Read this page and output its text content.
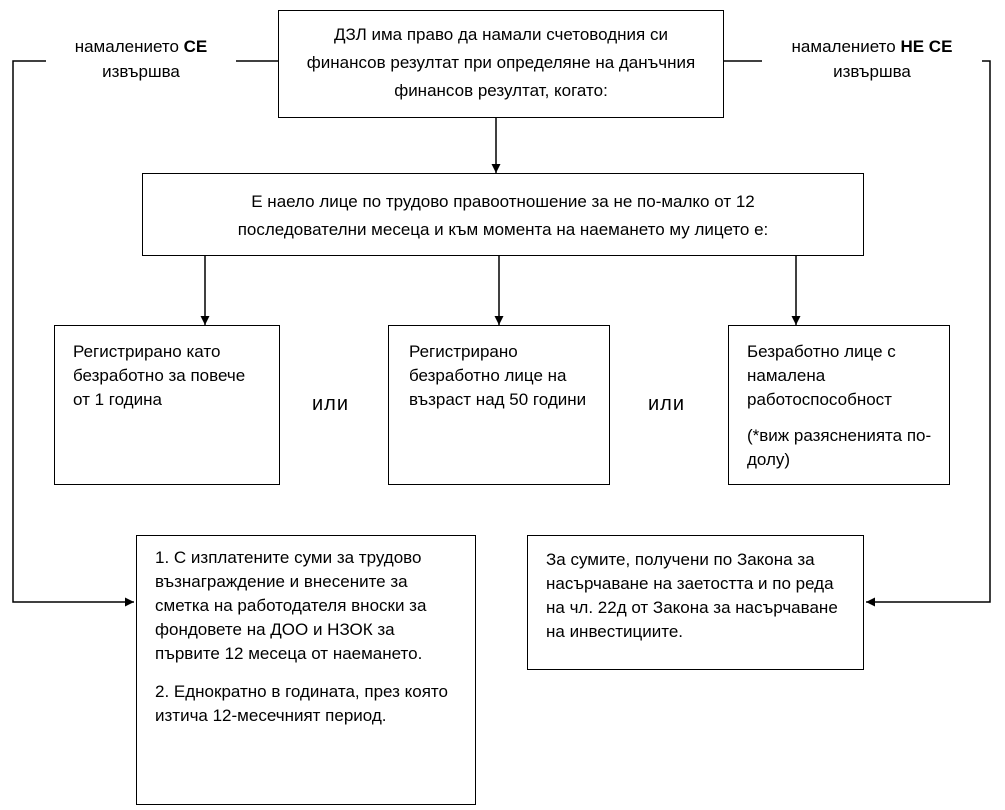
намалението СЕ
извършва
намалението НЕ СЕ
извършва
ДЗЛ има право да намали счетоводния си финансов резултат при определяне на данъчния финансов резултат, когато:
Е наело лице по трудово правоотношение за не по-малко от 12 последователни месеца и към момента на наемането му лицето е:
Регистрирано като безработно за повече от 1 година	или
Регистрирано безработно лице на възраст над 50 години	или

Безработно лице с намалена работоспособност

(*виж разясненията по-долу)

1. С изплатените суми за трудово възнаграждение и внесените за сметка на работодателя вноски за фондовете на ДОО и НЗОК за първите 12 месеца от наемането.

2. Еднократно в годината, през която изтича 12-месечният период.

За сумите, получени по Закона за насърчаване на заетостта и по реда на чл. 22д от Закона за насърчаване на инвестициите.
